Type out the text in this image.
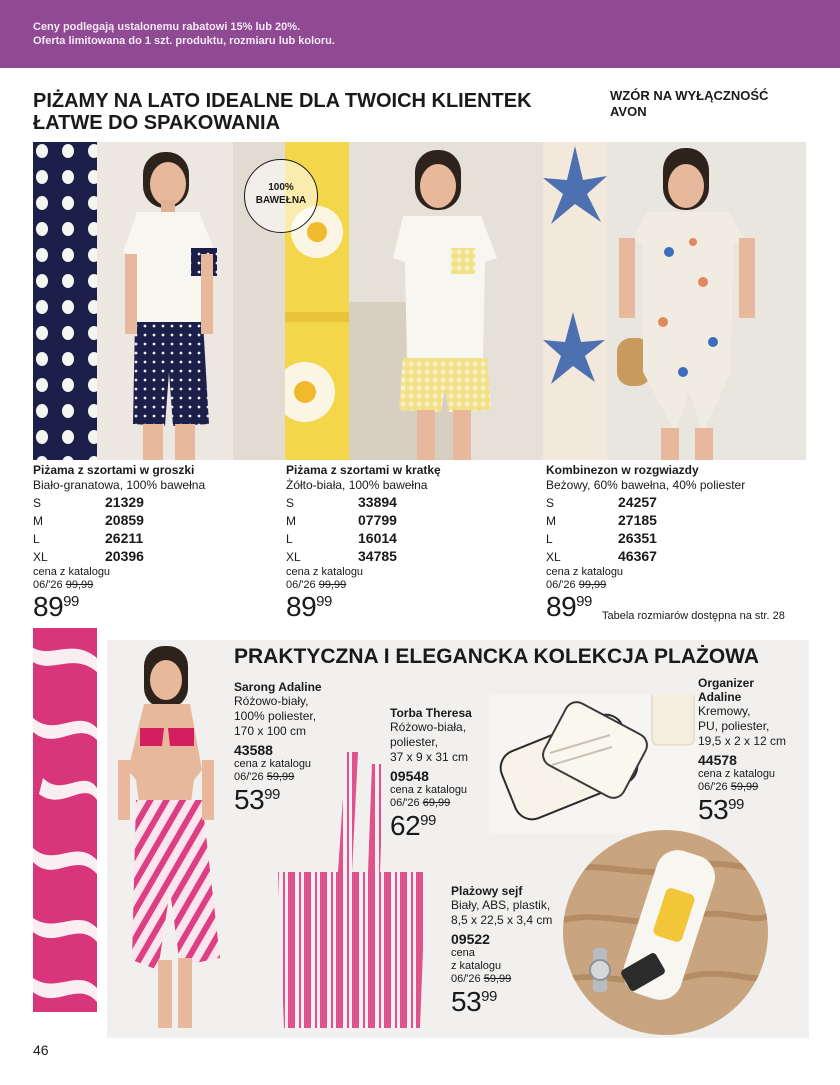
Ceny podlegają ustalonemu rabatowi 15% lub 20%.
Oferta limitowana do 1 szt. produktu, rozmiaru lub koloru.
PIŻAMY NA LATO IDEALNE DLA TWOICH KLIENTEK
ŁATWE DO SPAKOWANIA
WZÓR NA WYŁĄCZNOŚĆ
AVON
100%
BAWEŁNA
Piżama z szortami w groszki
Biało-granatowa, 100% bawełna
S	21329
M	20859
L	26211
XL	20396
cena z katalogu
06/'26 99,99
$89^{99}$
Piżama z szortami w kratkę
Żółto-biała, 100% bawełna
S	33894
M	07799
L	16014
XL	34785
cena z katalogu
06/'26 99,99
$89^{99}$
Kombinezon w rozgwiazdy
Beżowy, 60% bawełna, 40% poliester
S	24257
M	27185
L	26351
XL	46367
cena z katalogu
06/'26 99,99
$89^{99}$
Tabela rozmiarów dostępna na str. 28
PRAKTYCZNA I ELEGANCKA KOLEKCJA PLAŻOWA
Sarong Adaline
Różowo-biały,
100% poliester,
170 x 100 cm
43588
cena z katalogu
06/'26 59,99
$53^{99}$
Torba Theresa
Różowo-biała,
poliester,
37 x 9 x 31 cm
09548
cena z katalogu
06/'26 69,99
$62^{99}$
Organizer
Adaline
Kremowy,
PU, poliester,
19,5 x 2 x 12 cm
44578
cena z katalogu
06/'26 59,99
$53^{99}$
Plażowy sejf
Biały, ABS, plastik,
8,5 x 22,5 x 3,4 cm
09522
cena
z katalogu
06/'26 59,99
$53^{99}$
46
